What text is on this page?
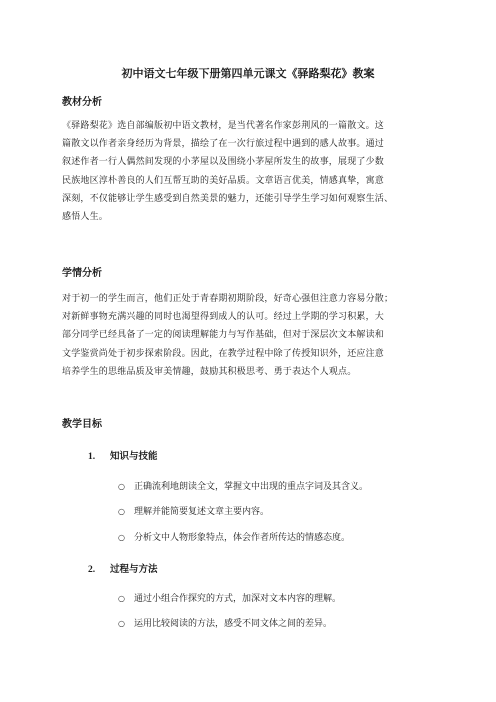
初中语文七年级下册第四单元课文《驿路梨花》教案
教材分析
《驿路梨花》选自部编版初中语文教材，是当代著名作家彭荆风的一篇散文。这
篇散文以作者亲身经历为背景，描绘了在一次行旅过程中遇到的感人故事。通过
叙述作者一行人偶然间发现的小茅屋以及围绕小茅屋所发生的故事，展现了少数
民族地区淳朴善良的人们互帮互助的美好品质。文章语言优美，情感真挚，寓意
深刻，不仅能够让学生感受到自然美景的魅力，还能引导学生学习如何观察生活、
感悟人生。
学情分析
对于初一的学生而言，他们正处于青春期初期阶段，好奇心强但注意力容易分散；
对新鲜事物充满兴趣的同时也渴望得到成人的认可。经过上学期的学习积累，大
部分同学已经具备了一定的阅读理解能力与写作基础，但对于深层次文本解读和
文学鉴赏尚处于初步探索阶段。因此，在教学过程中除了传授知识外，还应注意
培养学生的思维品质及审美情趣，鼓励其积极思考、勇于表达个人观点。
教学目标
1. 知识与技能
○ 正确流利地朗读全文，掌握文中出现的重点字词及其含义。
○ 理解并能简要复述文章主要内容。
○ 分析文中人物形象特点，体会作者所传达的情感态度。
2. 过程与方法
○ 通过小组合作探究的方式，加深对文本内容的理解。
○ 运用比较阅读的方法，感受不同文体之间的差异。
